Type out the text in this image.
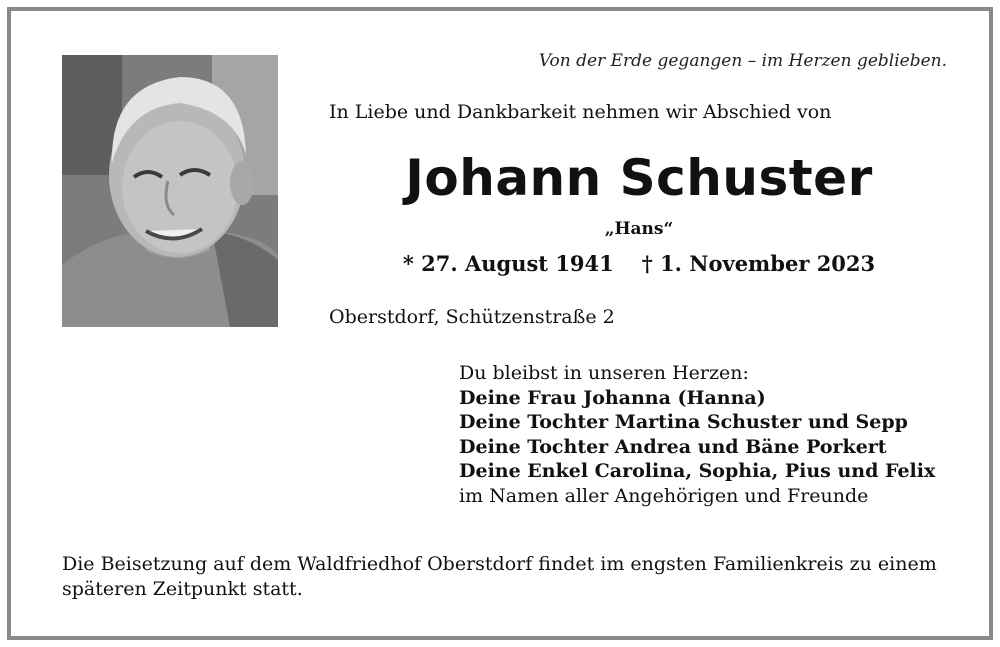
Von der Erde gegangen – im Herzen geblieben.
In Liebe und Dankbarkeit nehmen wir Abschied von
Johann Schuster
„Hans“
* 27. August 1941 † 1. November 2023
Oberstdorf, Schützenstraße 2
Du bleibst in unseren Herzen:
Deine Frau Johanna (Hanna)
Deine Tochter Martina Schuster und Sepp
Deine Tochter Andrea und Bäne Porkert
Deine Enkel Carolina, Sophia, Pius und Felix
im Namen aller Angehörigen und Freunde
Die Beisetzung auf dem Waldfriedhof Oberstdorf findet im engsten Familienkreis zu einem späteren Zeitpunkt statt.
